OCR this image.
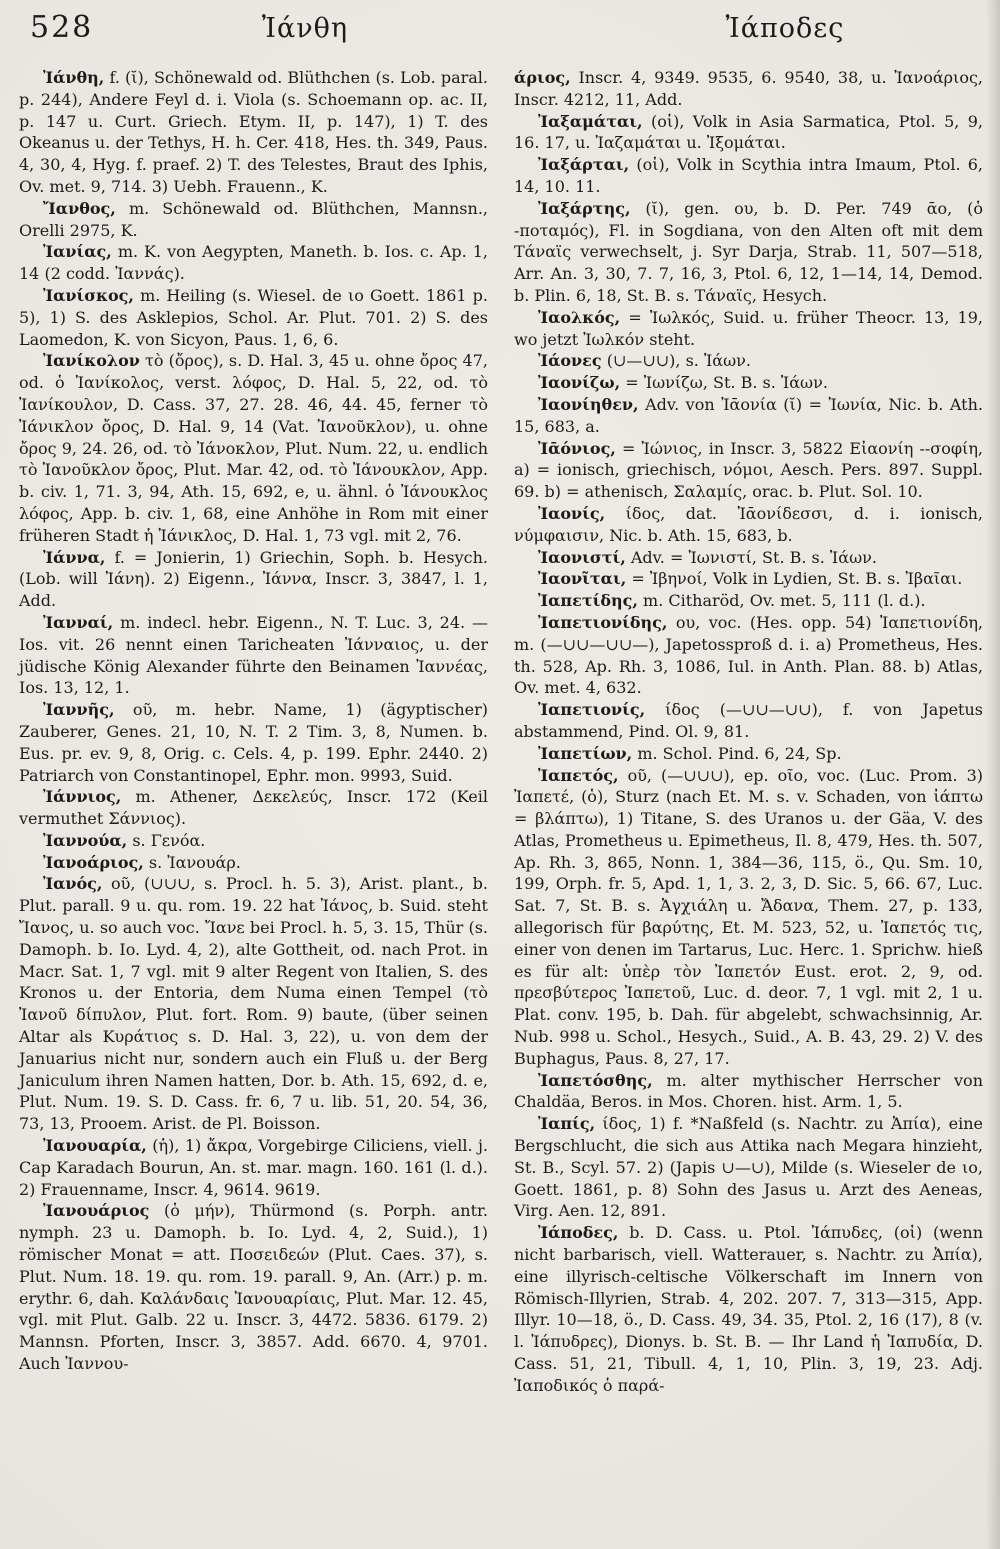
528	Ἰάνθη	Ἰάποδες

Ἰάνθη, f. (ῐ), Schönewald od. Blüthchen (s. Lob. paral. p. 244), Andere Feyl d. i. Viola (s. Schoemann op. ac. II, p. 147 u. Curt. Griech. Etym. II, p. 147), 1) T. des Okeanus u. der Tethys, H. h. Cer. 418, Hes. th. 349, Paus. 4, 30, 4, Hyg. f. praef. 2) T. des Telestes, Braut des Iphis, Ov. met. 9, 714. 3) Uebh. Frauenn., K.

Ἴανθος, m. Schönewald od. Blüthchen, Mannsn., Orelli 2975, K.

Ἰανίας, m. K. von Aegypten, Maneth. b. Ios. c. Ap. 1, 14 (2 codd. Ἰαννάς).

Ἰανίσκος, m. Heiling (s. Wiesel. de ιο Goett. 1861 p. 5), 1) S. des Asklepios, Schol. Ar. Plut. 701. 2) S. des Laomedon, K. von Sicyon, Paus. 1, 6, 6.

Ἰανίκολον τὸ (ὄρος), s. D. Hal. 3, 45 u. ohne ὄρος 47, od. ὁ Ἰανίκολος, verst. λόφος, D. Hal. 5, 22, od. τὸ Ἰανίκουλον, D. Cass. 37, 27. 28. 46, 44. 45, ferner τὸ Ἰάνικλον ὄρος, D. Hal. 9, 14 (Vat. Ἰανοῦκλον), u. ohne ὄρος 9, 24. 26, od. τὸ Ἰάνοκλον, Plut. Num. 22, u. endlich τὸ Ἰανοῦκλον ὄρος, Plut. Mar. 42, od. τὸ Ἰάνουκλον, App. b. civ. 1, 71. 3, 94, Ath. 15, 692, e, u. ähnl. ὁ Ἰάνουκλος λόφος, App. b. civ. 1, 68, eine Anhöhe in Rom mit einer früheren Stadt ἡ Ἰάνικλος, D. Hal. 1, 73 vgl. mit 2, 76.

Ἰάννα, f. = Jonierin, 1) Griechin, Soph. b. Hesych. (Lob. will Ἰάνη). 2) Eigenn., Ἰάννα, Inscr. 3, 3847, l. 1, Add.

Ἰανναί, m. indecl. hebr. Eigenn., N. T. Luc. 3, 24. — Ios. vit. 26 nennt einen Taricheaten Ἰάνναιος, u. der jüdische König Alexander führte den Beinamen Ἰαννέας, Ios. 13, 12, 1.

Ἰαννῆς, οῦ, m. hebr. Name, 1) (ägyptischer) Zauberer, Genes. 21, 10, N. T. 2 Tim. 3, 8, Numen. b. Eus. pr. ev. 9, 8, Orig. c. Cels. 4, p. 199. Ephr. 2440. 2) Patriarch von Constantinopel, Ephr. mon. 9993, Suid.

Ἰάννιος, m. Athener, Δεκελεύς, Inscr. 172 (Keil vermuthet Σάννιος).

Ἰαννούα, s. Γενόα.

Ἰανοάριος, s. Ἰανουάρ.

Ἰανός, οῦ, (∪∪∪, s. Procl. h. 5. 3), Arist. plant., b. Plut. parall. 9 u. qu. rom. 19. 22 hat Ἰάνος, b. Suid. steht Ἴανος, u. so auch voc. Ἴανε bei Procl. h. 5, 3. 15, Thür (s. Damoph. b. Io. Lyd. 4, 2), alte Gottheit, od. nach Prot. in Macr. Sat. 1, 7 vgl. mit 9 alter Regent von Italien, S. des Kronos u. der Entoria, dem Numa einen Tempel (τὸ Ἰανοῦ δίπυλον, Plut. fort. Rom. 9) baute, (über seinen Altar als Κυράτιος s. D. Hal. 3, 22), u. von dem der Januarius nicht nur, sondern auch ein Fluß u. der Berg Janiculum ihren Namen hatten, Dor. b. Ath. 15, 692, d. e, Plut. Num. 19. S. D. Cass. fr. 6, 7 u. lib. 51, 20. 54, 36, 73, 13, Prooem. Arist. de Pl. Boisson.

Ἰανουαρία, (ἡ), 1) ἄκρα, Vorgebirge Ciliciens, viell. j. Cap Karadach Bourun, An. st. mar. magn. 160. 161 (l. d.). 2) Frauenname, Inscr. 4, 9614. 9619.

Ἰανουάριος (ὁ μήν), Thürmond (s. Porph. antr. nymph. 23 u. Damoph. b. Io. Lyd. 4, 2, Suid.), 1) römischer Monat = att. Ποσειδεών (Plut. Caes. 37), s. Plut. Num. 18. 19. qu. rom. 19. parall. 9, An. (Arr.) p. m. erythr. 6, dah. Καλάνδαις Ἰανουαρίαις, Plut. Mar. 12. 45, vgl. mit Plut. Galb. 22 u. Inscr. 3, 4472. 5836. 6179. 2) Mannsn. Pforten, Inscr. 3, 3857. Add. 6670. 4, 9701. Auch Ἰαννου-

άριος, Inscr. 4, 9349. 9535, 6. 9540, 38, u. Ἰανοάριος, Inscr. 4212, 11, Add.

Ἰαξαμάται, (οἱ), Volk in Asia Sarmatica, Ptol. 5, 9, 16. 17, u. Ἰαζαμάται u. Ἰξομάται.

Ἰαξάρται, (οἱ), Volk in Scythia intra Imaum, Ptol. 6, 14, 10. 11.

Ἰαξάρτης, (ῐ), gen. ου, b. D. Per. 749 ᾱο, (ὁ -ποταμός), Fl. in Sogdiana, von den Alten oft mit dem Τάναϊς verwechselt, j. Syr Darja, Strab. 11, 507—518, Arr. An. 3, 30, 7. 7, 16, 3, Ptol. 6, 12, 1—14, 14, Demod. b. Plin. 6, 18, St. B. s. Τάναϊς, Hesych.

Ἰαολκός, = Ἰωλκός, Suid. u. früher Theocr. 13, 19, wo jetzt Ἰωλκόν steht.

Ἰάονες (∪—∪∪), s. Ἰάων.

Ἰαονίζω, = Ἰωνίζω, St. B. s. Ἰάων.

Ἰαονίηθεν, Adv. von Ἰᾱονία (ῐ) = Ἰωνία, Nic. b. Ath. 15, 683, a.

Ἰᾱόνιος, = Ἰώνιος, in Inscr. 3, 5822 Εἰαονίη --σοφίη, a) = ionisch, griechisch, νόμοι, Aesch. Pers. 897. Suppl. 69. b) = athenisch, Σαλαμίς, orac. b. Plut. Sol. 10.

Ἰαονίς, ίδος, dat. Ἰᾱονίδεσσι, d. i. ionisch, νύμφαισιν, Nic. b. Ath. 15, 683, b.

Ἰαονιστί, Adv. = Ἰωνιστί, St. B. s. Ἰάων.

Ἰαονῖται, = Ἰβηνοί, Volk in Lydien, St. B. s. Ἰβαῖαι.

Ἰαπετίδης, m. Citharöd, Ov. met. 5, 111 (l. d.).

Ἰαπετιονίδης, ου, voc. (Hes. opp. 54) Ἰαπετιονίδη, m. (—∪∪—∪∪—), Japetossproß d. i. a) Prometheus, Hes. th. 528, Ap. Rh. 3, 1086, Iul. in Anth. Plan. 88. b) Atlas, Ov. met. 4, 632.

Ἰαπετιονίς, ίδος (—∪∪—∪∪), f. von Japetus abstammend, Pind. Ol. 9, 81.

Ἰαπετίων, m. Schol. Pind. 6, 24, Sp.

Ἰαπετός, οῦ, (—∪∪∪), ep. οῖο, voc. (Luc. Prom. 3) Ἰαπετέ, (ὁ), Sturz (nach Et. M. s. v. Schaden, von ἰάπτω = βλάπτω), 1) Titane, S. des Uranos u. der Gäa, V. des Atlas, Prometheus u. Epimetheus, Il. 8, 479, Hes. th. 507, Ap. Rh. 3, 865, Nonn. 1, 384—36, 115, ö., Qu. Sm. 10, 199, Orph. fr. 5, Apd. 1, 1, 3. 2, 3, D. Sic. 5, 66. 67, Luc. Sat. 7, St. B. s. Ἀγχιάλη u. Ἄδανα, Them. 27, p. 133, allegorisch für βαρύτης, Et. M. 523, 52, u. Ἰαπετός τις, einer von denen im Tartarus, Luc. Herc. 1. Sprichw. hieß es für alt: ὑπὲρ τὸν Ἰαπετόν Eust. erot. 2, 9, od. πρεσβύτερος Ἰαπετοῦ, Luc. d. deor. 7, 1 vgl. mit 2, 1 u. Plat. conv. 195, b. Dah. für abgelebt, schwachsinnig, Ar. Nub. 998 u. Schol., Hesych., Suid., A. B. 43, 29. 2) V. des Buphagus, Paus. 8, 27, 17.

Ἰαπετόσθης, m. alter mythischer Herrscher von Chaldäa, Beros. in Mos. Choren. hist. Arm. 1, 5.

Ἰαπίς, ίδος, 1) f. *Naßfeld (s. Nachtr. zu Ἀπία), eine Bergschlucht, die sich aus Attika nach Megara hinzieht, St. B., Scyl. 57. 2) (Japis ∪—∪), Milde (s. Wieseler de ιο, Goett. 1861, p. 8) Sohn des Jasus u. Arzt des Aeneas, Virg. Aen. 12, 891.

Ἰάποδες, b. D. Cass. u. Ptol. Ἰάπυδες, (οἱ) (wenn nicht barbarisch, viell. Watterauer, s. Nachtr. zu Ἀπία), eine illyrisch-celtische Völkerschaft im Innern von Römisch-Illyrien, Strab. 4, 202. 207. 7, 313—315, App. Illyr. 10—18, ö., D. Cass. 49, 34. 35, Ptol. 2, 16 (17), 8 (v. l. Ἰάπυδρες), Dionys. b. St. B. — Ihr Land ἡ Ἰαπυδία, D. Cass. 51, 21, Tibull. 4, 1, 10, Plin. 3, 19, 23. Adj. Ἰαποδικός ὁ παρά-
